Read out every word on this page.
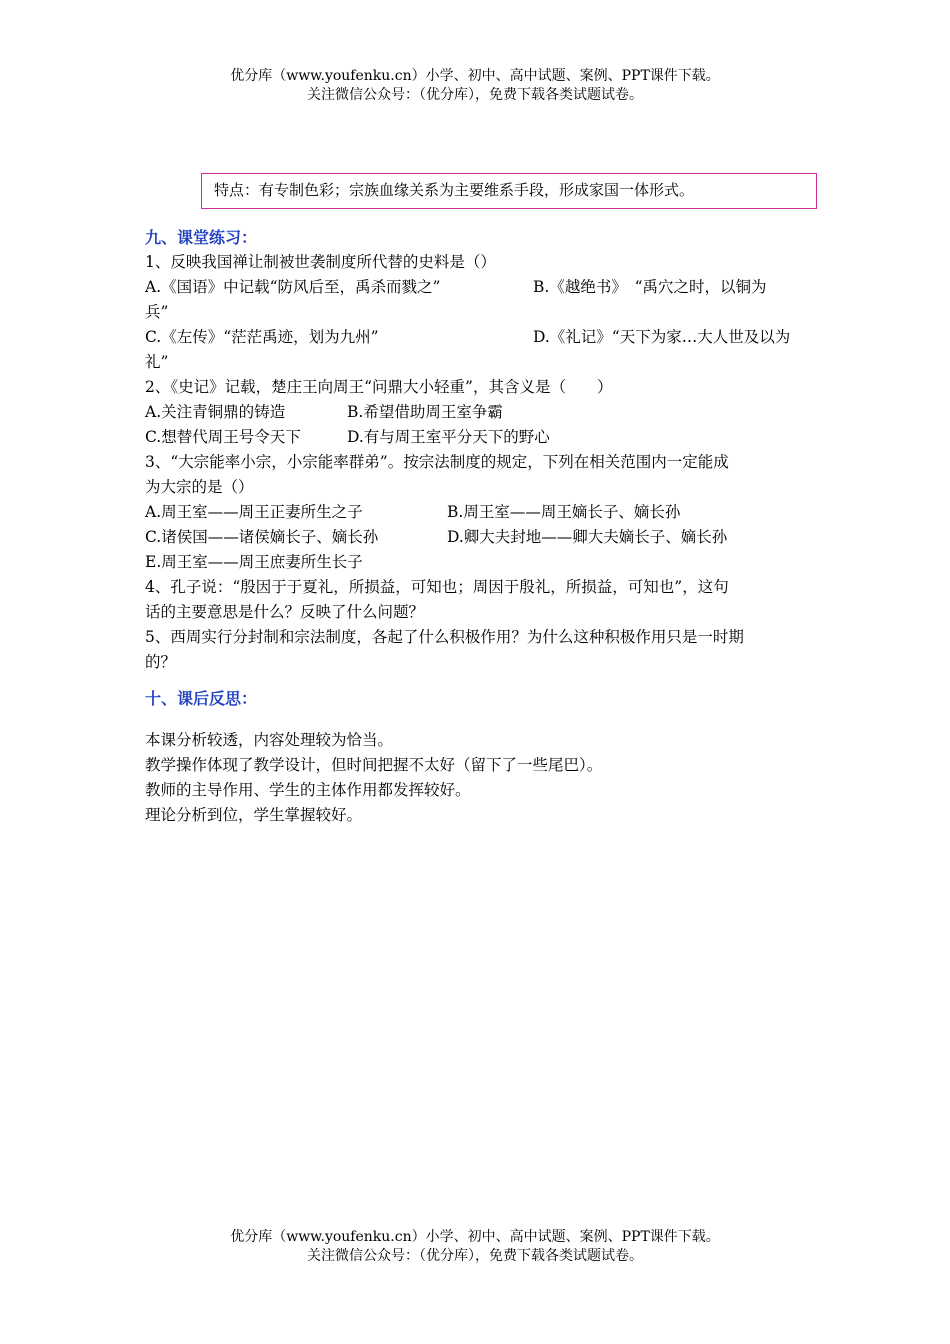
优分库（www.youfenku.cn）小学、初中、高中试题、案例、PPT课件下载。
关注微信公众号：（优分库），免费下载各类试题试卷。
特点：有专制色彩；宗族血缘关系为主要维系手段，形成家国一体形式。

九、课堂练习：

1、反映我国禅让制被世袭制度所代替的史料是（）

A.《国语》中记载“防风后至，禹杀而戮之”	B.《越绝书》　“禹穴之时，以铜为

兵”

C.《左传》“茫茫禹迹，划为九州”	D.《礼记》“天下为家…大人世及以为

礼”

2、《史记》记载，楚庄王向周王“问鼎大小轻重”，其含义是（　　）

A.关注青铜鼎的铸造	B.希望借助周王室争霸
C.想替代周王号令天下	D.有与周王室平分天下的野心

3、“大宗能率小宗，小宗能率群弟”。按宗法制度的规定，下列在相关范围内一定能成

为大宗的是（）

A.周王室——周王正妻所生之子	B.周王室——周王嫡长子、嫡长孙
C.诸侯国——诸侯嫡长子、嫡长孙	D.卿大夫封地——卿大夫嫡长子、嫡长孙

E.周王室——周王庶妻所生长子

4、孔子说：“殷因于于夏礼，所损益，可知也；周因于殷礼，所损益，可知也”，这句

话的主要意思是什么？反映了什么问题？

5、西周实行分封制和宗法制度，各起了什么积极作用？为什么这种积极作用只是一时期

的？

十、课后反思：

本课分析较透，内容处理较为恰当。

教学操作体现了教学设计，但时间把握不太好（留下了一些尾巴）。

教师的主导作用、学生的主体作用都发挥较好。

理论分析到位，学生掌握较好。

优分库（www.youfenku.cn）小学、初中、高中试题、案例、PPT课件下载。
关注微信公众号：（优分库），免费下载各类试题试卷。
